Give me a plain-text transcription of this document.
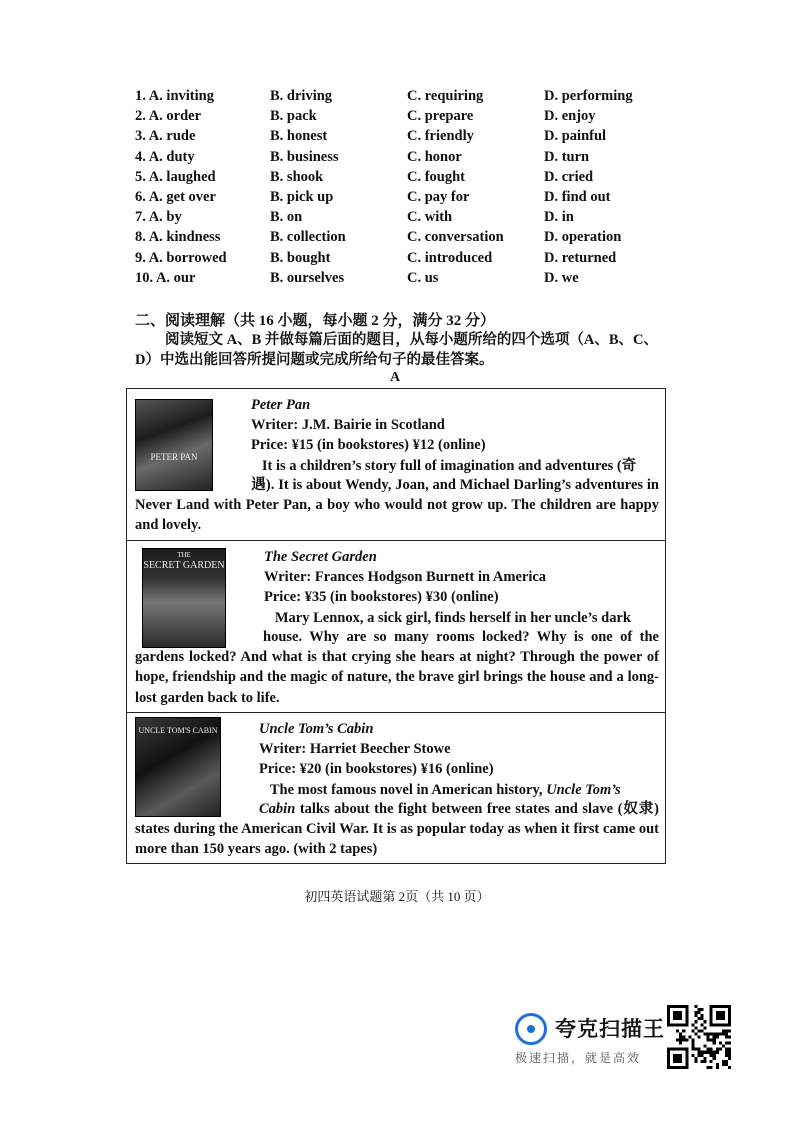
1. A. inviting	B. driving	C. requiring	D. performing
2. A. order	B. pack	C. prepare	D. enjoy
3. A. rude	B. honest	C. friendly	D. painful
4. A. duty	B. business	C. honor	D. turn
5. A. laughed	B. shook	C. fought	D. cried
6. A. get over	B. pick up	C. pay for	D. find out
7. A. by	B. on	C. with	D. in
8. A. kindness	B. collection	C. conversation	D. operation
9. A. borrowed	B. bought	C. introduced	D. returned
10. A. our	B. ourselves	C. us	D. we
二、阅读理解（共 16 小题，每小题 2 分，满分 32 分）
阅读短文 A、B 并做每篇后面的题目，从每小题所给的四个选项（A、B、C、D）中选出能回答所提问题或完成所给句子的最佳答案。
A
PETER PAN
Peter Pan
Writer: J.M. Bairie in Scotland
Price: ¥15 (in bookstores) ¥12 (online)
It is a children’s story full of imagination and adventures (奇
遇). It is about Wendy, Joan, and Michael Darling’s adventures in Never Land with Peter Pan, a boy who would not grow up. The children are happy and lovely.
THE
SECRET GARDEN
The Secret Garden
Writer: Frances Hodgson Burnett in America
Price: ¥35 (in bookstores) ¥30 (online)
Mary Lennox, a sick girl, finds herself in her uncle’s dark
house. Why are so many rooms locked? Why is one of the gardens locked? And what is that crying she hears at night? Through the power of hope, friendship and the magic of nature, the brave girl brings the house and a long-lost garden back to life.
UNCLE TOM'S CABIN	Uncle Tom’s Cabin
Writer: Harriet Beecher Stowe
Price: ¥20 (in bookstores) ¥16 (online)
The most famous novel in American history, Uncle Tom’s
Cabin talks about the fight between free states and slave (奴隶) states during the American Civil War. It is as popular today as when it first came out more than 150 years ago. (with 2 tapes)
初四英语试题第 2页（共 10 页）
夸克扫描王
极速扫描，就是高效
